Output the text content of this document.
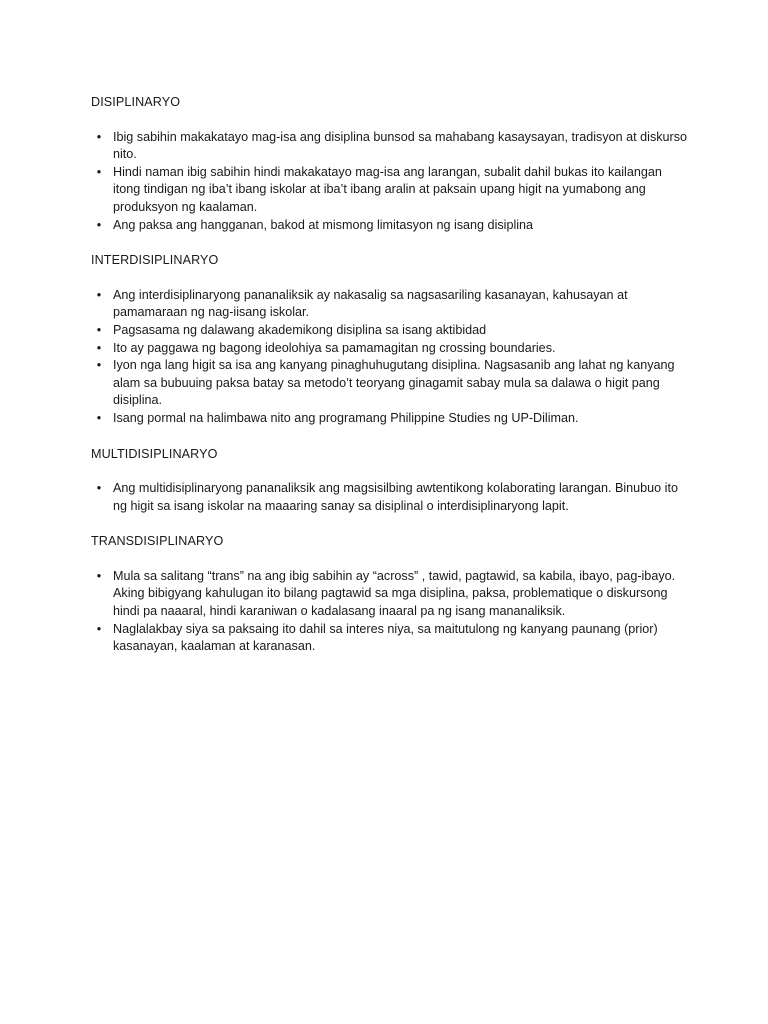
DISIPLINARYO
• Ibig sabihin makakatayo mag-isa ang disiplina bunsod sa mahabang kasaysayan, tradisyon at diskurso nito.
• Hindi naman ibig sabihin hindi makakatayo mag-isa ang larangan, subalit dahil bukas ito kailangan itong tindigan ng iba’t ibang iskolar at iba’t ibang aralin at paksain upang higit na yumabong ang produksyon ng kaalaman.
• Ang paksa ang hangganan, bakod at mismong limitasyon ng isang disiplina
INTERDISIPLINARYO
• Ang interdisiplinaryong pananaliksik ay nakasalig sa nagsasariling kasanayan, kahusayan at pamamaraan ng nag-iisang iskolar.
• Pagsasama ng dalawang akademikong disiplina sa isang aktibidad
• Ito ay paggawa ng bagong ideolohiya sa pamamagitan ng crossing boundaries.
• Iyon nga lang higit sa isa ang kanyang pinaghuhugutang disiplina. Nagsasanib ang lahat ng kanyang alam sa bubuuing paksa batay sa metodo’t teoryang ginagamit sabay mula sa dalawa o higit pang disiplina.
• Isang pormal na halimbawa nito ang programang Philippine Studies ng UP-Diliman.
MULTIDISIPLINARYO
• Ang multidisiplinaryong pananaliksik ang magsisilbing awtentikong kolaborating larangan. Binubuo ito ng higit sa isang iskolar na maaaring sanay sa disiplinal o interdisiplinaryong lapit.
TRANSDISIPLINARYO
• Mula sa salitang “trans” na ang ibig sabihin ay “across” , tawid, pagtawid, sa kabila, ibayo, pag-ibayo. Aking bibigyang kahulugan ito bilang pagtawid sa mga disiplina, paksa, problematique o diskursong hindi pa naaaral, hindi karaniwan o kadalasang inaaral pa ng isang mananaliksik.
• Naglalakbay siya sa paksaing ito dahil sa interes niya, sa maitutulong ng kanyang paunang (prior) kasanayan, kaalaman at karanasan.
